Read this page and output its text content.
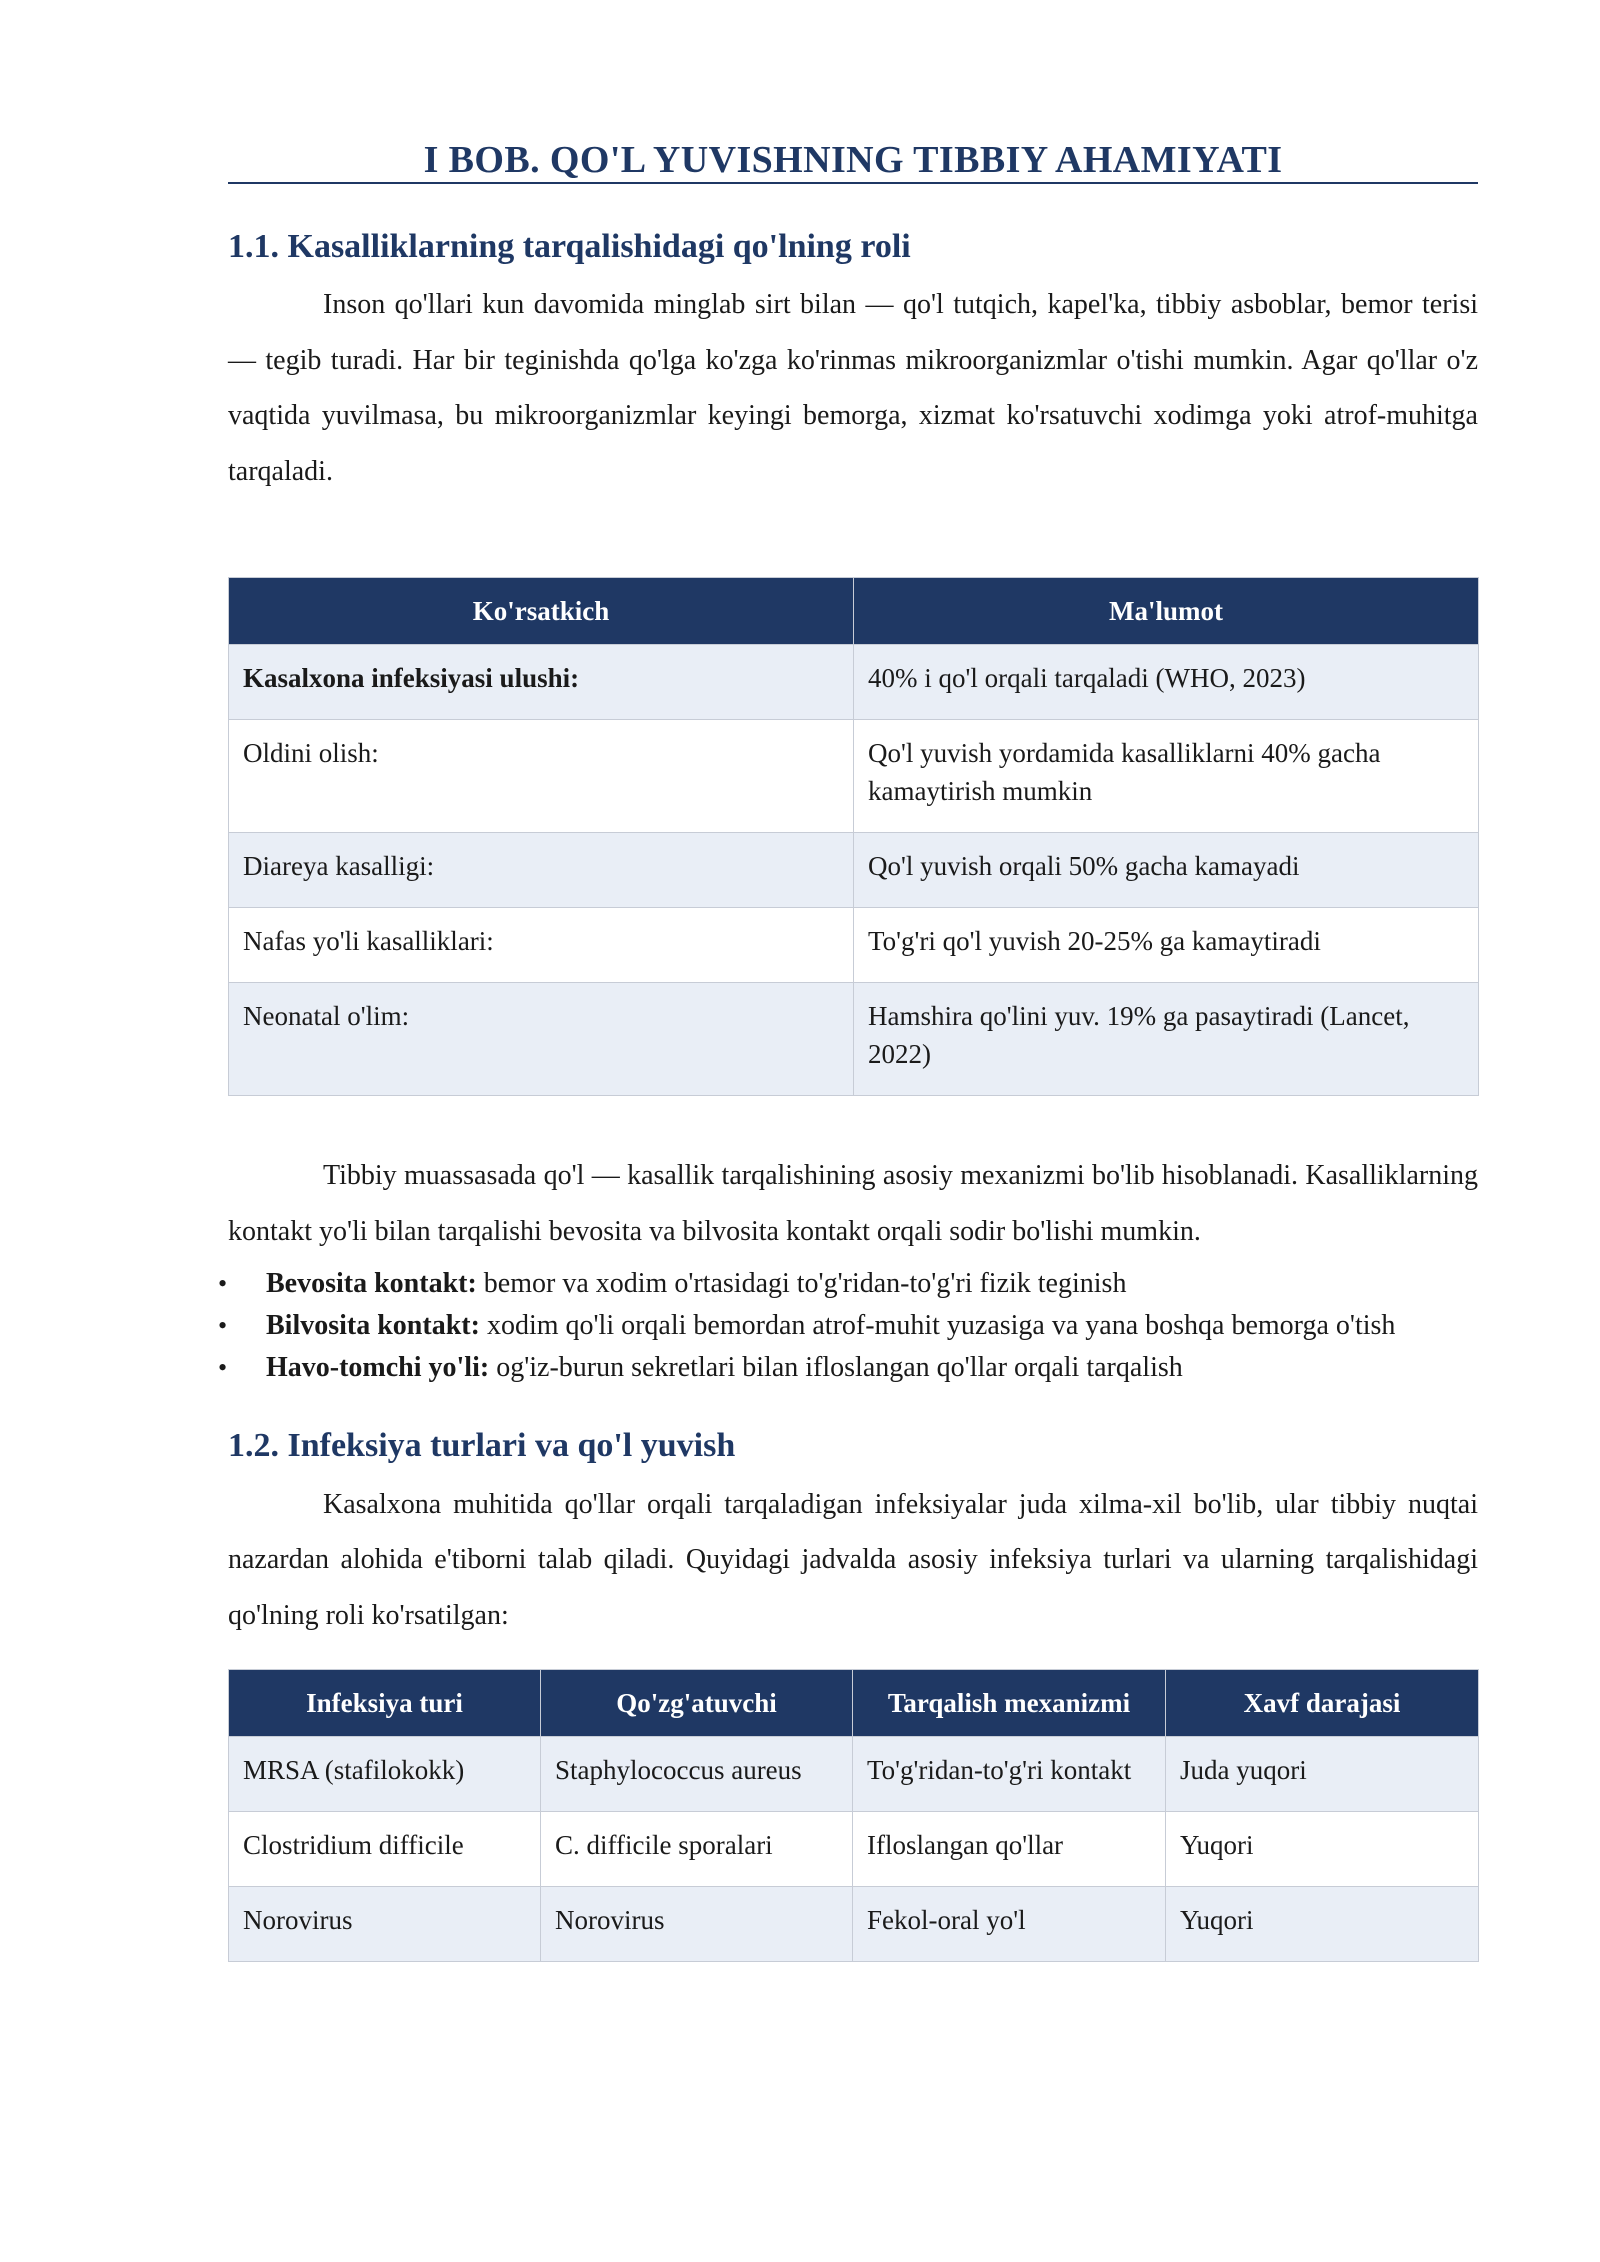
I BOB. QO'L YUVISHNING TIBBIY AHAMIYATI
1.1. Kasalliklarning tarqalishidagi qo'lning roli

Inson qo'llari kun davomida minglab sirt bilan — qo'l tutqich, kapel'ka, tibbiy asboblar, bemor terisi — tegib turadi. Har bir teginishda qo'lga ko'zga ko'rinmas mikroorganizmlar o'tishi mumkin. Agar qo'llar o'z vaqtida yuvilmasa, bu mikroorganizmlar keyingi bemorga, xizmat ko'rsatuvchi xodimga yoki atrof-muhitga tarqaladi.

Ko'rsatkich	Ma'lumot
Kasalxona infeksiyasi ulushi:	40% i qo'l orqali tarqaladi (WHO, 2023)
Oldini olish:	Qo'l yuvish yordamida kasalliklarni 40% gacha kamaytirish mumkin
Diareya kasalligi:	Qo'l yuvish orqali 50% gacha kamayadi
Nafas yo'li kasalliklari:	To'g'ri qo'l yuvish 20-25% ga kamaytiradi
Neonatal o'lim:	Hamshira qo'lini yuv. 19% ga pasaytiradi (Lancet, 2022)

Tibbiy muassasada qo'l — kasallik tarqalishining asosiy mexanizmi bo'lib hisoblanadi. Kasalliklarning kontakt yo'li bilan tarqalishi bevosita va bilvosita kontakt orqali sodir bo'lishi mumkin.

• Bevosita kontakt: bemor va xodim o'rtasidagi to'g'ridan-to'g'ri fizik teginish
• Bilvosita kontakt: xodim qo'li orqali bemordan atrof-muhit yuzasiga va yana boshqa bemorga o'tish
• Havo-tomchi yo'li: og'iz-burun sekretlari bilan ifloslangan qo'llar orqali tarqalish
1.2. Infeksiya turlari va qo'l yuvish

Kasalxona muhitida qo'llar orqali tarqaladigan infeksiyalar juda xilma-xil bo'lib, ular tibbiy nuqtai nazardan alohida e'tiborni talab qiladi. Quyidagi jadvalda asosiy infeksiya turlari va ularning tarqalishidagi qo'lning roli ko'rsatilgan:

Infeksiya turi	Qo'zg'atuvchi	Tarqalish mexanizmi	Xavf darajasi
MRSA (stafilokokk)	Staphylococcus aureus	To'g'ridan-to'g'ri kontakt	Juda yuqori
Clostridium difficile	C. difficile sporalari	Ifloslangan qo'llar	Yuqori
Norovirus	Norovirus	Fekol-oral yo'l	Yuqori
